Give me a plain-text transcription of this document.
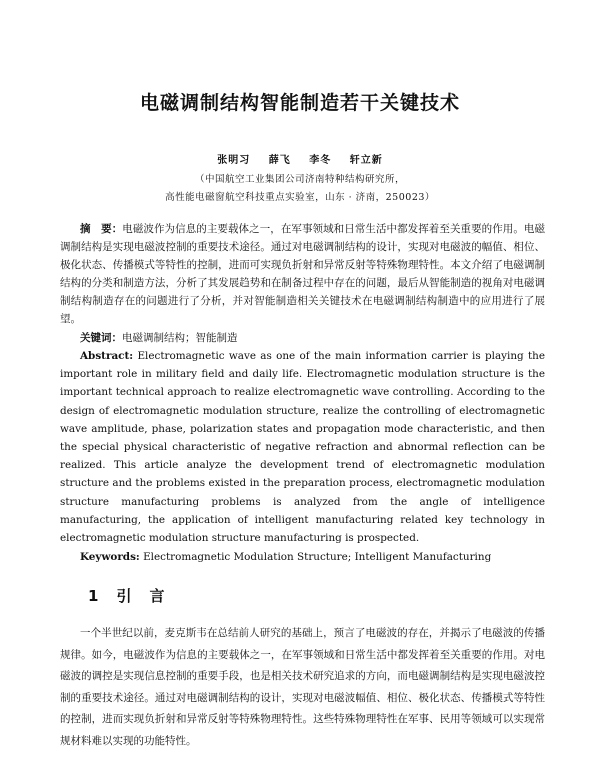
电磁调制结构智能制造若干关键技术
张明习 薛飞 李冬 轩立新
（中国航空工业集团公司济南特种结构研究所，
高性能电磁窗航空科技重点实验室，山东 · 济南，250023）
摘　要：电磁波作为信息的主要载体之一，在军事领域和日常生活中都发挥着至关重要的作用。电磁调制结构是实现电磁波控制的重要技术途径。通过对电磁调制结构的设计，实现对电磁波的幅值、相位、极化状态、传播模式等特性的控制，进而可实现负折射和异常反射等特殊物理特性。本文介绍了电磁调制结构的分类和制造方法，分析了其发展趋势和在制备过程中存在的问题，最后从智能制造的视角对电磁调制结构制造存在的问题进行了分析，并对智能制造相关关键技术在电磁调制结构制造中的应用进行了展望。
关键词：电磁调制结构；智能制造
Abstract: Electromagnetic wave as one of the main information carrier is playing the important role in military field and daily life. Electromagnetic modulation structure is the important technical approach to realize electromagnetic wave controlling. According to the design of electromagnetic modulation structure, realize the controlling of electromagnetic wave amplitude, phase, polarization states and propagation mode characteristic, and then the special physical characteristic of negative refraction and abnormal reflection can be realized. This article analyze the development trend of electromagnetic modulation structure and the problems existed in the preparation process, electromagnetic modulation structure manufacturing problems is analyzed from the angle of intelligence manufacturing, the application of intelligent manufacturing related key technology in electromagnetic modulation structure manufacturing is prospected.
Keywords: Electromagnetic Modulation Structure; Intelligent Manufacturing
1 引言
一个半世纪以前，麦克斯韦在总结前人研究的基础上，预言了电磁波的存在，并揭示了电磁波的传播规律。如今，电磁波作为信息的主要载体之一，在军事领域和日常生活中都发挥着至关重要的作用。对电磁波的调控是实现信息控制的重要手段，也是相关技术研究追求的方向，而电磁调制结构是实现电磁波控制的重要技术途径。通过对电磁调制结构的设计，实现对电磁波幅值、相位、极化状态、传播模式等特性的控制，进而实现负折射和异常反射等特殊物理特性。这些特殊物理特性在军事、民用等领域可以实现常规材料难以实现的功能特性。
